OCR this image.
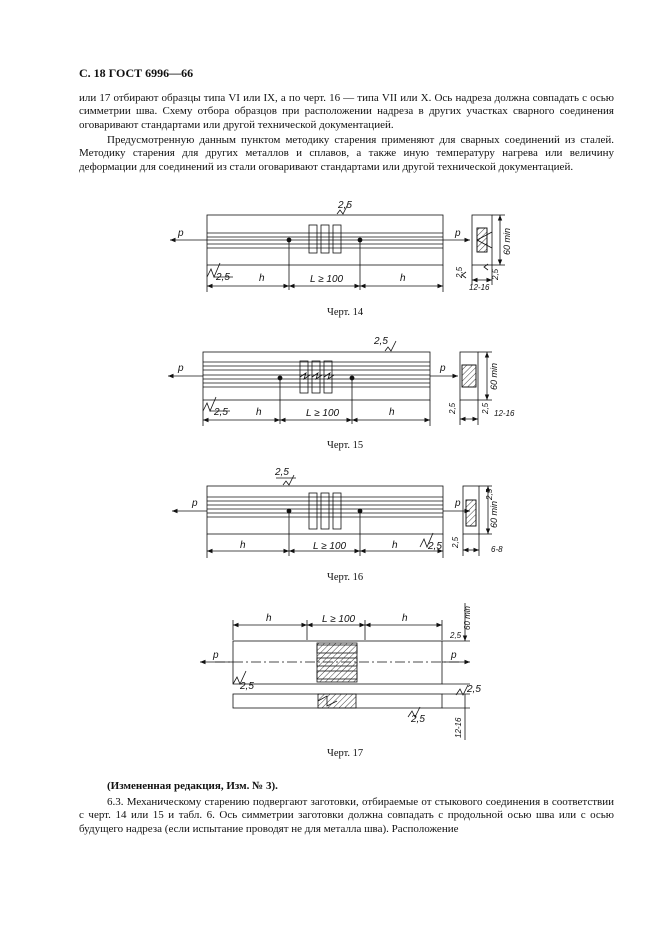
С. 18 ГОСТ 6996—66

или 17 отбирают образцы типа VI или IX, а по черт. 16 — типа VII или X. Ось надреза должна совпадать с осью симметрии шва. Схему отбора образцов при расположении надреза в других участках сварного соединения оговаривают стандартами или другой технической документацией.

Предусмотренную данным пунктом методику старения применяют для сварных соединений из сталей. Методику старения для других металлов и сплавов, а также иную температуру нагрева или величину деформации для соединений из стали оговаривают стандартами или другой технической документацией.

p	p
2,5	h	L ≥ 100	h
2,5
60 min
12-16
2,5	2,5
p	p
2,5	h	L ≥ 100	h
2,5
60 min
12-16
2,5	2,5
p	p
h	L ≥ 100	h	2,5
2,5
60 min
6-8
2,5
2,5
h	L ≥ 100	h	60 min
2,5
p	p
2,5	2,5
2,5	12-16
Черт. 14
Черт. 15
Черт. 16
Черт. 17
(Измененная редакция, Изм. № 3).

6.3. Механическому старению подвергают заготовки, отбираемые от стыкового соединения в соответствии с черт. 14 или 15 и табл. 6. Ось симметрии заготовки должна совпадать с продольной осью шва или с осью будущего надреза (если испытание проводят не для металла шва). Расположение
